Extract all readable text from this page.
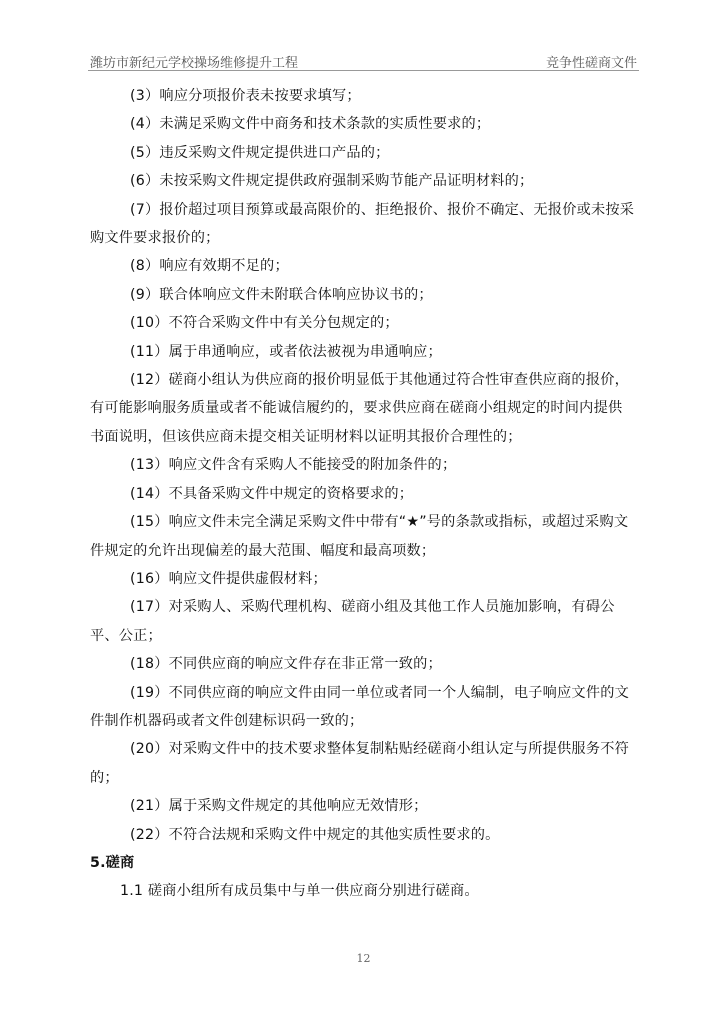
潍坊市新纪元学校操场维修提升工程	竞争性磋商文件

(3）响应分项报价表未按要求填写；

(4）未满足采购文件中商务和技术条款的实质性要求的；

(5）违反采购文件规定提供进口产品的；

(6）未按采购文件规定提供政府强制采购节能产品证明材料的；

(7）报价超过项目预算或最高限价的、拒绝报价、报价不确定、无报价或未按采购文件要求报价的；

(8）响应有效期不足的；

(9）联合体响应文件未附联合体响应协议书的；

(10）不符合采购文件中有关分包规定的；

(11）属于串通响应，或者依法被视为串通响应；

(12）磋商小组认为供应商的报价明显低于其他通过符合性审查供应商的报价，有可能影响服务质量或者不能诚信履约的，要求供应商在磋商小组规定的时间内提供书面说明，但该供应商未提交相关证明材料以证明其报价合理性的；

(13）响应文件含有采购人不能接受的附加条件的；

(14）不具备采购文件中规定的资格要求的；

(15）响应文件未完全满足采购文件中带有“★”号的条款或指标，或超过采购文件规定的允许出现偏差的最大范围、幅度和最高项数；

(16）响应文件提供虚假材料；

(17）对采购人、采购代理机构、磋商小组及其他工作人员施加影响，有碍公平、公正；

(18）不同供应商的响应文件存在非正常一致的；

(19）不同供应商的响应文件由同一单位或者同一个人编制，电子响应文件的文件制作机器码或者文件创建标识码一致的；

(20）对采购文件中的技术要求整体复制粘贴经磋商小组认定与所提供服务不符的；

(21）属于采购文件规定的其他响应无效情形；

(22）不符合法规和采购文件中规定的其他实质性要求的。

5.磋商

1.1 磋商小组所有成员集中与单一供应商分别进行磋商。

12
